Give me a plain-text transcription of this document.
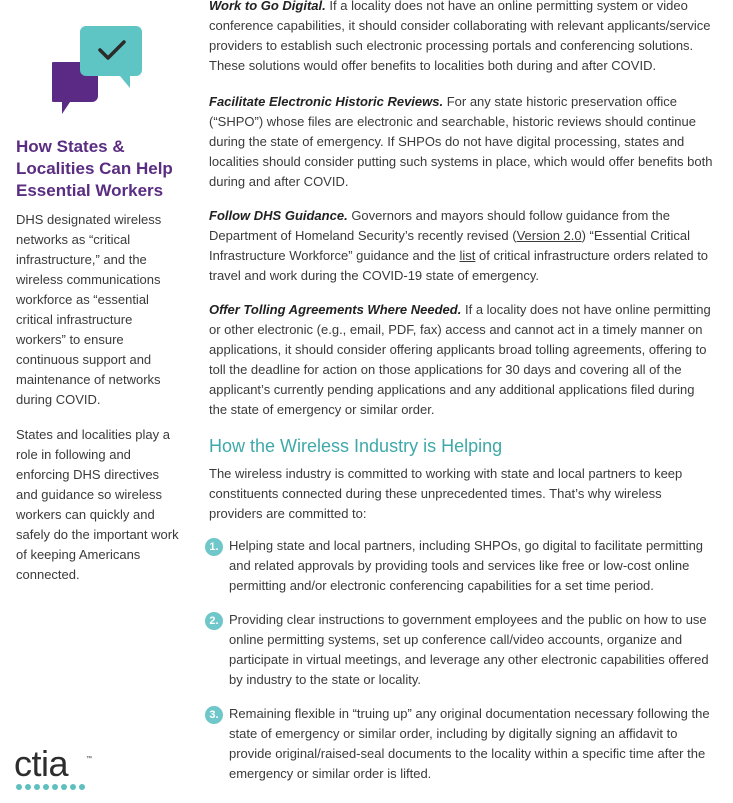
How States & Localities Can Help Essential Workers
DHS designated wireless networks as “critical infrastructure,” and the wireless communications workforce as “essential critical infrastructure workers” to ensure continuous support and maintenance of networks during COVID.
States and localities play a role in following and enforcing DHS directives and guidance so wireless workers can quickly and safely do the important work of keeping Americans connected.
ctia	™
Work to Go Digital. If a locality does not have an online permitting system or video conference capabilities, it should consider collaborating with relevant applicants/service providers to establish such electronic processing portals and conferencing solutions. These solutions would offer benefits to localities both during and after COVID.
Facilitate Electronic Historic Reviews. For any state historic preservation office (“SHPO”) whose files are electronic and searchable, historic reviews should continue during the state of emergency. If SHPOs do not have digital processing, states and localities should consider putting such systems in place, which would offer benefits both during and after COVID.
Follow DHS Guidance. Governors and mayors should follow guidance from the Department of Homeland Security’s recently revised (Version 2.0) “Essential Critical Infrastructure Workforce” guidance and the list of critical infrastructure orders related to travel and work during the COVID-19 state of emergency.
Offer Tolling Agreements Where Needed. If a locality does not have online permitting or other electronic (e.g., email, PDF, fax) access and cannot act in a timely manner on applications, it should consider offering applicants broad tolling agreements, offering to toll the deadline for action on those applications for 30 days and covering all of the applicant’s currently pending applications and any additional applications filed during the state of emergency or similar order.
How the Wireless Industry is Helping
The wireless industry is committed to working with state and local partners to keep constituents connected during these unprecedented times. That’s why wireless providers are committed to:
1. Helping state and local partners, including SHPOs, go digital to facilitate permitting and related approvals by providing tools and services like free or low-cost online permitting and/or electronic conferencing capabilities for a set time period.
2. Providing clear instructions to government employees and the public on how to use online permitting systems, set up conference call/video accounts, organize and participate in virtual meetings, and leverage any other electronic capabilities offered by industry to the state or locality.
3. Remaining flexible in “truing up” any original documentation necessary following the state of emergency or similar order, including by digitally signing an affidavit to provide original/raised-seal documents to the locality within a specific time after the emergency or similar order is lifted.
